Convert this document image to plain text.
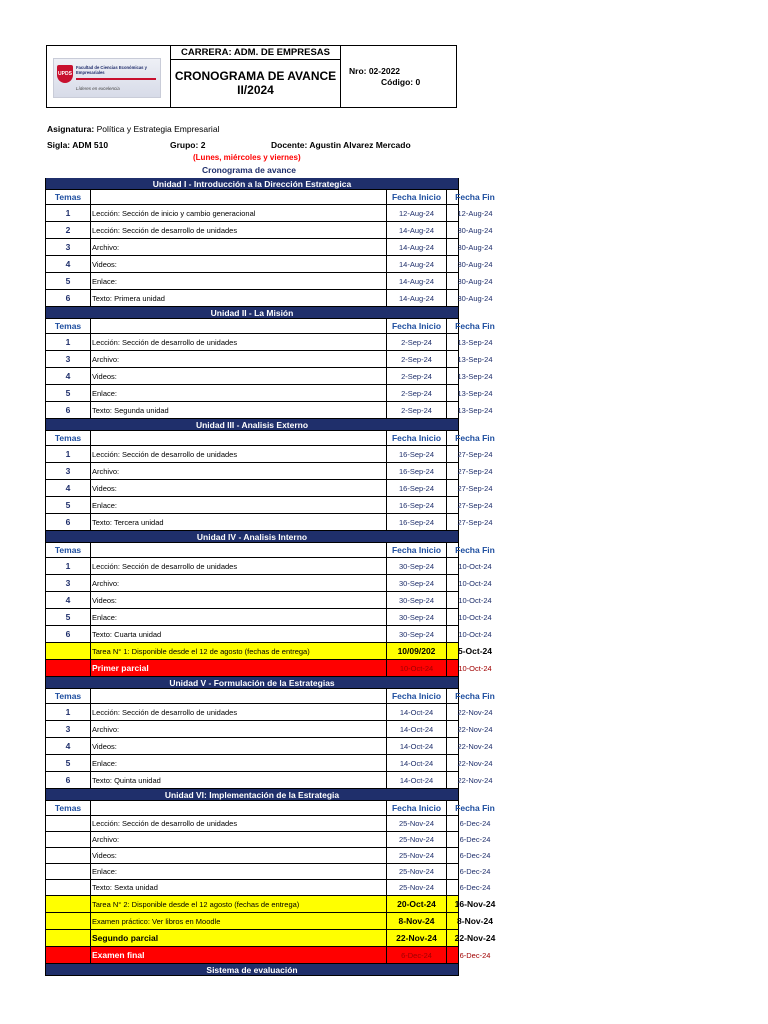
UPDS
Facultad de Ciencias Económicas y Empresariales
Líderes en excelencia
CARRERA: ADM. DE EMPRESAS
CRONOGRAMA DE AVANCE
II/2024
Nro: 02-2022
Código: 0
Asignatura: Política y Estrategia Empresarial
Sigla: ADM 510	Grupo: 2	Docente: Agustin Alvarez Mercado
(Lunes, miércoles y viernes)
Cronograma de avance
Unidad I - Introducción a la Dirección Estrategica
Temas	Fecha Inicio Fecha Fin
1	Lección: Sección de inicio y cambio generacional	12-Aug-24	12-Aug-24
2	Lección: Sección de desarrollo de unidades	14-Aug-24	30-Aug-24
3	Archivo:	14-Aug-24	30-Aug-24
4	Videos:	14-Aug-24	30-Aug-24
5	Enlace:	14-Aug-24	30-Aug-24
6	Texto: Primera unidad	14-Aug-24	30-Aug-24
Unidad II - La Misión
Temas	Fecha Inicio Fecha Fin
1	Lección: Sección de desarrollo de unidades	2-Sep-24	13-Sep-24
3	Archivo:	2-Sep-24	13-Sep-24
4	Videos:	2-Sep-24	13-Sep-24
5	Enlace:	2-Sep-24	13-Sep-24
6	Texto: Segunda unidad	2-Sep-24	13-Sep-24
Unidad III - Analisis Externo
Temas	Fecha Inicio Fecha Fin
1	Lección: Sección de desarrollo de unidades	16-Sep-24	27-Sep-24
3	Archivo:	16-Sep-24	27-Sep-24
4	Videos:	16-Sep-24	27-Sep-24
5	Enlace:	16-Sep-24	27-Sep-24
6	Texto: Tercera unidad	16-Sep-24	27-Sep-24
Unidad IV - Analisis Interno
Temas	Fecha Inicio Fecha Fin
1	Lección: Sección de desarrollo de unidades	30-Sep-24	10-Oct-24
3	Archivo:	30-Sep-24	10-Oct-24
4	Videos:	30-Sep-24	10-Oct-24
5	Enlace:	30-Sep-24	10-Oct-24
6	Texto: Cuarta unidad	30-Sep-24	10-Oct-24
Tarea N° 1: Disponible desde el 12 de agosto (fechas de entrega)	10/09/202	5-Oct-24
Primer parcial	10-Oct-24	10-Oct-24
Unidad V - Formulación de la Estrategias
Temas	Fecha Inicio Fecha Fin
1	Lección: Sección de desarrollo de unidades	14-Oct-24	22-Nov-24
3	Archivo:	14-Oct-24	22-Nov-24
4	Videos:	14-Oct-24	22-Nov-24
5	Enlace:	14-Oct-24	22-Nov-24
6	Texto: Quinta unidad	14-Oct-24	22-Nov-24
Unidad VI: Implementación de la Estrategia
Temas	Fecha Inicio Fecha Fin
Lección: Sección de desarrollo de unidades	25-Nov-24	6-Dec-24
Archivo:	25-Nov-24	6-Dec-24
Videos:	25-Nov-24	6-Dec-24
Enlace:	25-Nov-24	6-Dec-24
Texto: Sexta unidad	25-Nov-24	6-Dec-24
Tarea N° 2: Disponible desde el 12 agosto (fechas de entrega)	20-Oct-24 16-Nov-24
Examen práctico: Ver libros en Moodle	8-Nov-24	8-Nov-24
Segundo parcial	22-Nov-24 22-Nov-24
Examen final	6-Dec-24	6-Dec-24
Sistema de evaluación
